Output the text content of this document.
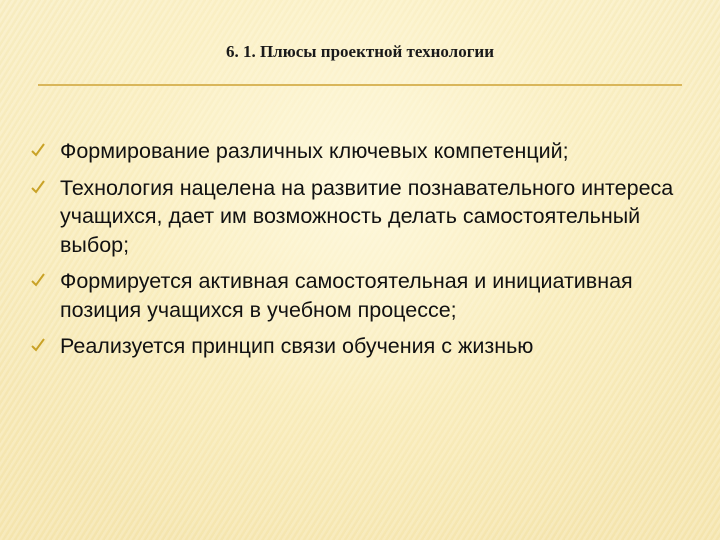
6. 1. Плюсы проектной технологии
Формирование различных ключевых компетенций;
Технология нацелена на развитие познавательного интереса учащихся, дает им возможность делать самостоятельный выбор;
Формируется активная самостоятельная и инициативная позиция учащихся в учебном процессе;
Реализуется принцип связи обучения с жизнью
